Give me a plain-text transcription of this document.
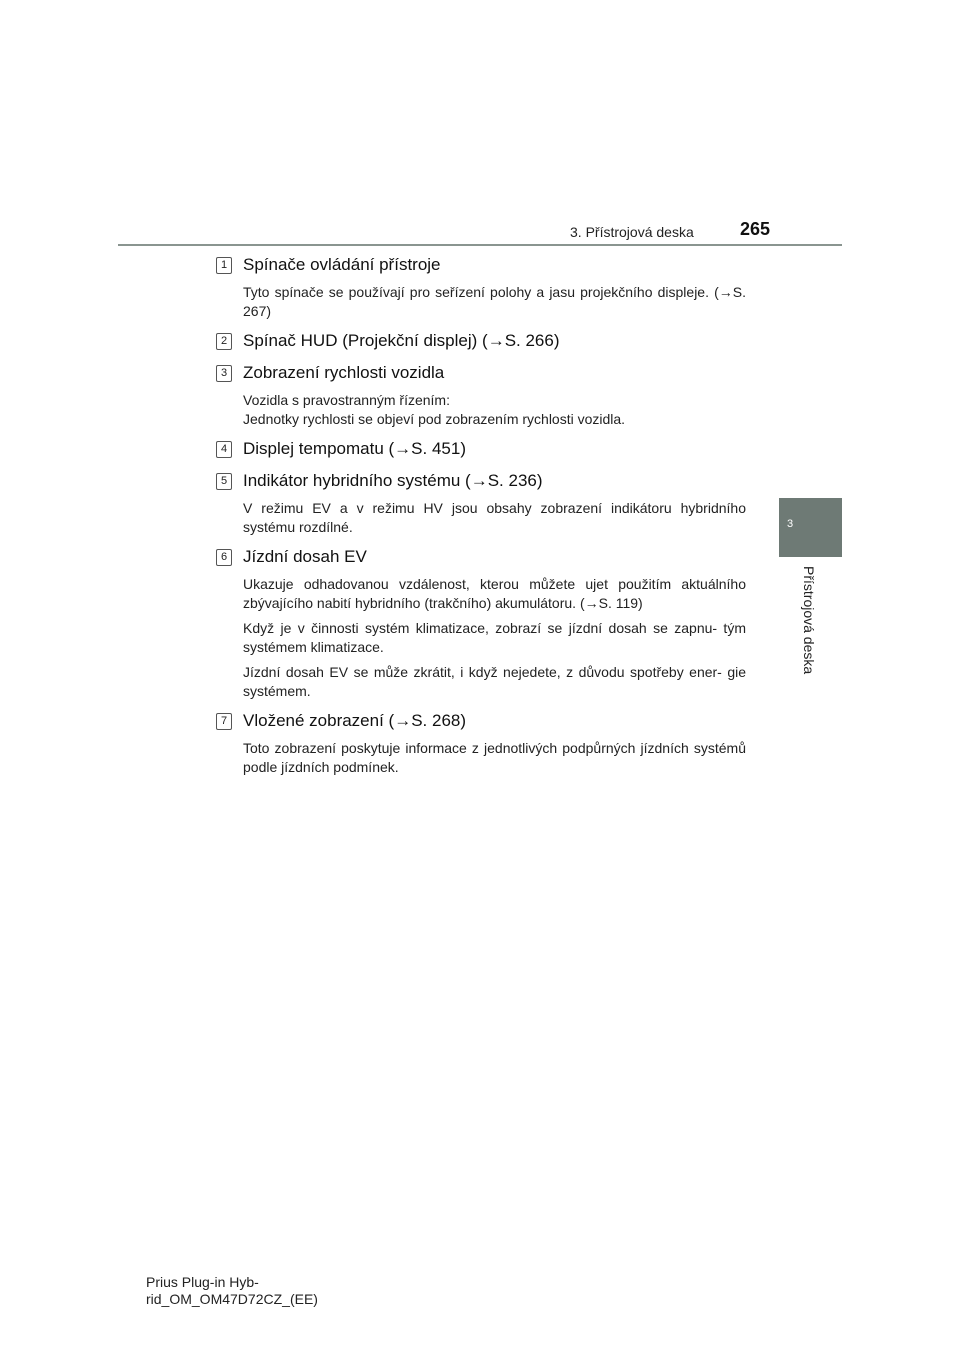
3. Přístrojová deska	265
3
Přístrojová deska
1 Spínače ovládání přístroje
Tyto spínače se používají pro seřízení polohy a jasu projekčního displeje. (→S. 267)
2 Spínač HUD (Projekční displej) (→S. 266)
3 Zobrazení rychlosti vozidla
Vozidla s pravostranným řízením:
Jednotky rychlosti se objeví pod zobrazením rychlosti vozidla.
4 Displej tempomatu (→S. 451)
5 Indikátor hybridního systému (→S. 236)
V režimu EV a v režimu HV jsou obsahy zobrazení indikátoru hybridního systému rozdílné.
6 Jízdní dosah EV
Ukazuje odhadovanou vzdálenost, kterou můžete ujet použitím aktuálního zbývajícího nabití hybridního (trakčního) akumulátoru. (→S. 119)
Když je v činnosti systém klimatizace, zobrazí se jízdní dosah se zapnu- tým systémem klimatizace.
Jízdní dosah EV se může zkrátit, i když nejedete, z důvodu spotřeby ener- gie systémem.
7 Vložené zobrazení (→S. 268)
Toto zobrazení poskytuje informace z jednotlivých podpůrných jízdních systémů podle jízdních podmínek.
Prius Plug-in Hyb-
rid_OM_OM47D72CZ_(EE)
